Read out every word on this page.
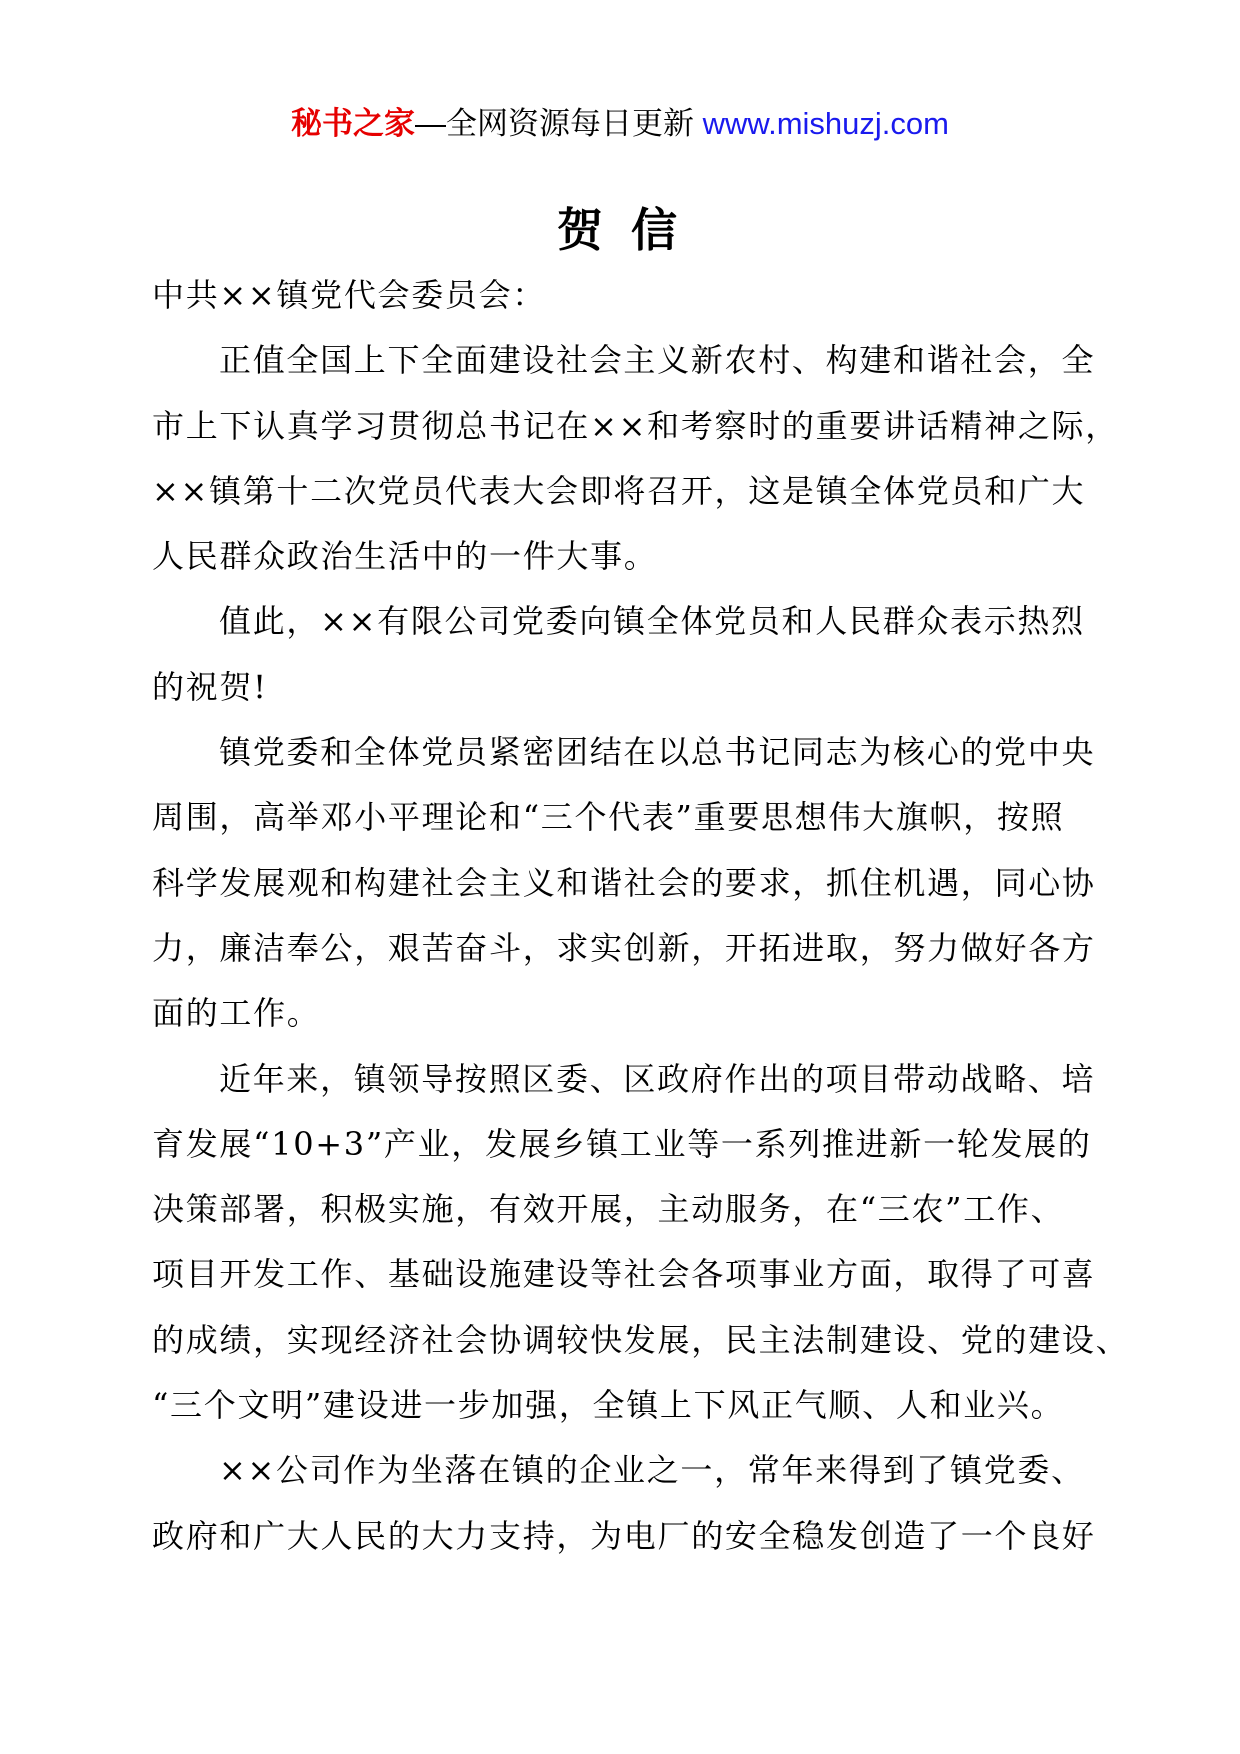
秘书之家—全网资源每日更新 www.mishuzj.com
贺 信
中共××镇党代会委员会：
正值全国上下全面建设社会主义新农村、构建和谐社会，全
市上下认真学习贯彻总书记在××和考察时的重要讲话精神之际，
××镇第十二次党员代表大会即将召开，这是镇全体党员和广大
人民群众政治生活中的一件大事。
值此，××有限公司党委向镇全体党员和人民群众表示热烈
的祝贺!
镇党委和全体党员紧密团结在以总书记同志为核心的党中央
周围，高举邓小平理论和“三个代表”重要思想伟大旗帜，按照
科学发展观和构建社会主义和谐社会的要求，抓住机遇，同心协
力，廉洁奉公，艰苦奋斗，求实创新，开拓进取，努力做好各方
面的工作。
近年来，镇领导按照区委、区政府作出的项目带动战略、培
育发展“10+3”产业，发展乡镇工业等一系列推进新一轮发展的
决策部署，积极实施，有效开展，主动服务，在“三农”工作、
项目开发工作、基础设施建设等社会各项事业方面，取得了可喜
的成绩，实现经济社会协调较快发展，民主法制建设、党的建设、
“三个文明”建设进一步加强，全镇上下风正气顺、人和业兴。
××公司作为坐落在镇的企业之一，常年来得到了镇党委、
政府和广大人民的大力支持，为电厂的安全稳发创造了一个良好
